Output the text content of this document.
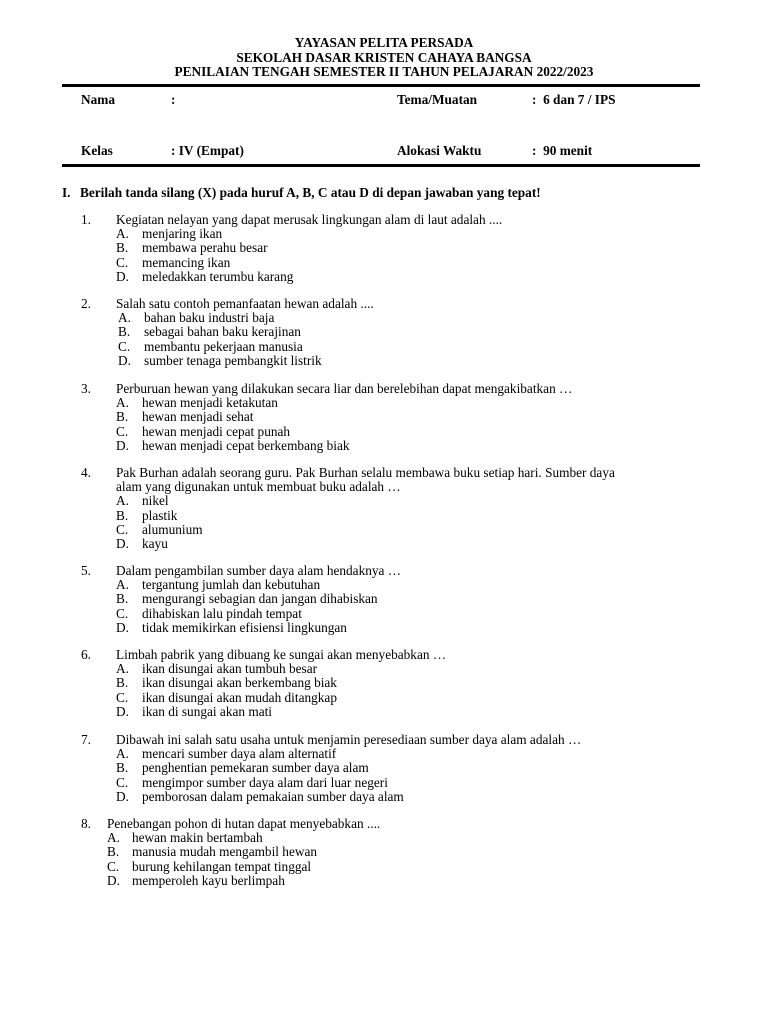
YAYASAN PELITA PERSADA
SEKOLAH DASAR KRISTEN CAHAYA BANGSA
PENILAIAN TENGAH SEMESTER II TAHUN PELAJARAN 2022/2023
Nama	:	Tema/Muatan	:  6 dan 7 / IPS
Kelas	: IV (Empat)	Alokasi Waktu	:  90 menit
I. Berilah tanda silang (X) pada huruf A, B, C atau D di depan jawaban yang tepat!
1. Kegiatan nelayan yang dapat merusak lingkungan alam di laut adalah ....
A. menjaring ikan
B. membawa perahu besar
C. memancing ikan
D. meledakkan terumbu karang
2. Salah satu contoh pemanfaatan hewan adalah ....
A. bahan baku industri baja
B. sebagai bahan baku kerajinan
C. membantu pekerjaan manusia
D. sumber tenaga pembangkit listrik
3. Perburuan hewan yang dilakukan secara liar dan berelebihan dapat mengakibatkan …
A. hewan menjadi ketakutan
B. hewan menjadi sehat
C. hewan menjadi cepat punah
D. hewan menjadi cepat berkembang biak
4. Pak Burhan adalah seorang guru. Pak Burhan selalu membawa buku setiap hari. Sumber daya
alam yang digunakan untuk membuat buku adalah …
A. nikel
B. plastik
C. alumunium
D. kayu
5. Dalam pengambilan sumber daya alam hendaknya …
A. tergantung jumlah dan kebutuhan
B. mengurangi sebagian dan jangan dihabiskan
C. dihabiskan lalu pindah tempat
D. tidak memikirkan efisiensi lingkungan
6. Limbah pabrik yang dibuang ke sungai akan menyebabkan …
A. ikan disungai akan tumbuh besar
B. ikan disungai akan berkembang biak
C. ikan disungai akan mudah ditangkap
D. ikan di sungai akan mati
7. Dibawah ini salah satu usaha untuk menjamin peresediaan sumber daya alam adalah …
A. mencari sumber daya alam alternatif
B. penghentian pemekaran sumber daya alam
C. mengimpor sumber daya alam dari luar negeri
D. pemborosan dalam pemakaian sumber daya alam
8. Penebangan pohon di hutan dapat menyebabkan ....
A. hewan makin bertambah
B. manusia mudah mengambil hewan
C. burung kehilangan tempat tinggal
D. memperoleh kayu berlimpah
